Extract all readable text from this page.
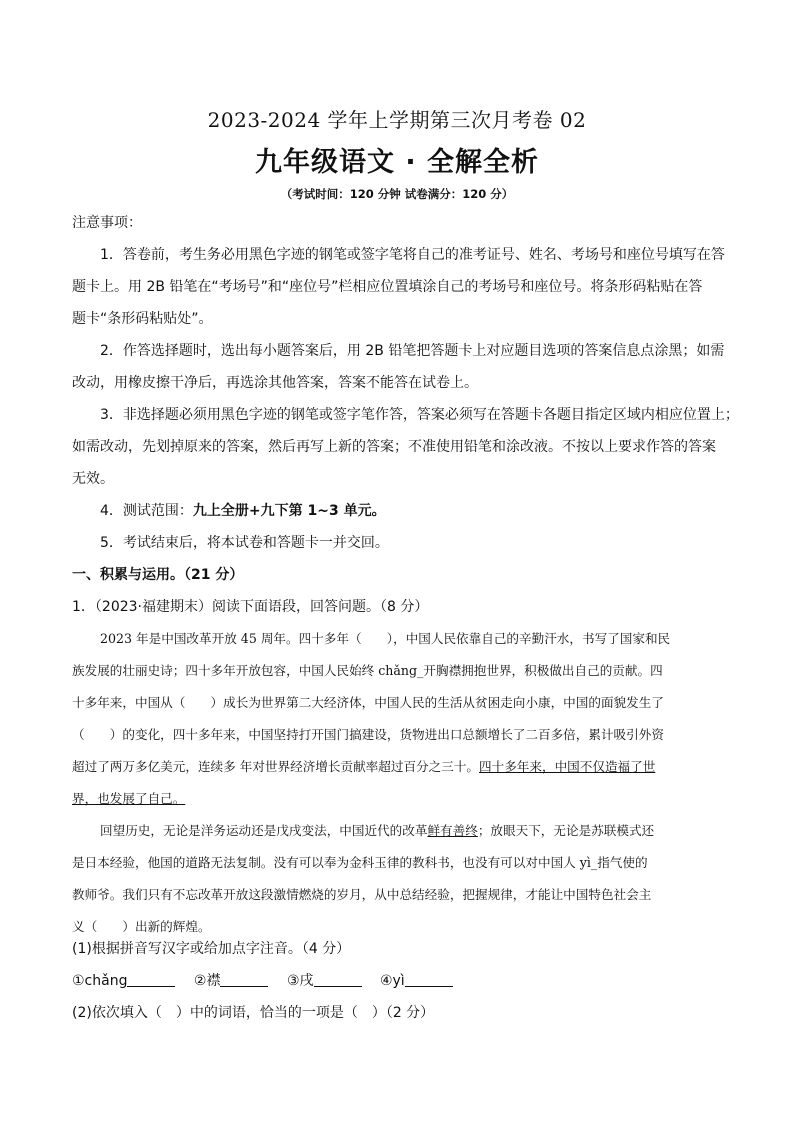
2023-2024 学年上学期第三次月考卷 02
九年级语文 · 全解全析
（考试时间：120 分钟 试卷满分：120 分）
注意事项：
1．答卷前，考生务必用黑色字迹的钢笔或签字笔将自己的准考证号、姓名、考场号和座位号填写在答
题卡上。用 2B 铅笔在“考场号”和“座位号”栏相应位置填涂自己的考场号和座位号。将条形码粘贴在答
题卡“条形码粘贴处”。
2．作答选择题时，选出每小题答案后，用 2B 铅笔把答题卡上对应题目选项的答案信息点涂黑；如需
改动，用橡皮擦干净后，再选涂其他答案，答案不能答在试卷上。
3．非选择题必须用黑色字迹的钢笔或签字笔作答，答案必须写在答题卡各题目指定区域内相应位置上；
如需改动，先划掉原来的答案，然后再写上新的答案；不准使用铅笔和涂改液。不按以上要求作答的答案
无效。
4．测试范围：九上全册+九下第 1~3 单元。
5．考试结束后，将本试卷和答题卡一并交回。
一、积累与运用。（21 分）
1．（2023·福建期末）阅读下面语段，回答问题。（8 分）
2023 年是中国改革开放 45 周年。四十多年（　　），中国人民依靠自己的辛勤汗水，书写了国家和民
族发展的壮丽史诗；四十多年开放包容，中国人民始终 chǎng_开胸襟拥抱世界，积极做出自己的贡献。四
十多年来，中国从（　　）成长为世界第二大经济体，中国人民的生活从贫困走向小康，中国的面貌发生了
（　　）的变化，四十多年来，中国坚持打开国门搞建设，货物进出口总额增长了二百多倍，累计吸引外资
超过了两万多亿美元，连续多 年对世界经济增长贡献率超过百分之三十。四十多年来，中国不仅造福了世
界，也发展了自己。
回望历史，无论是洋务运动还是戊戌变法，中国近代的改革鲜有善终；放眼天下，无论是苏联模式还
是日本经验，他国的道路无法复制。没有可以奉为金科玉律的教科书，也没有可以对中国人 yì_指气使的
教师爷。我们只有不忘改革开放这段激情燃烧的岁月，从中总结经验，把握规律，才能让中国特色社会主
义（　　）出新的辉煌。
(1)根据拼音写汉字或给加点字注音。（4 分）
①chǎng	②襟	③戌	④yì
(2)依次填入（　）中的词语，恰当的一项是（　）（2 分）
